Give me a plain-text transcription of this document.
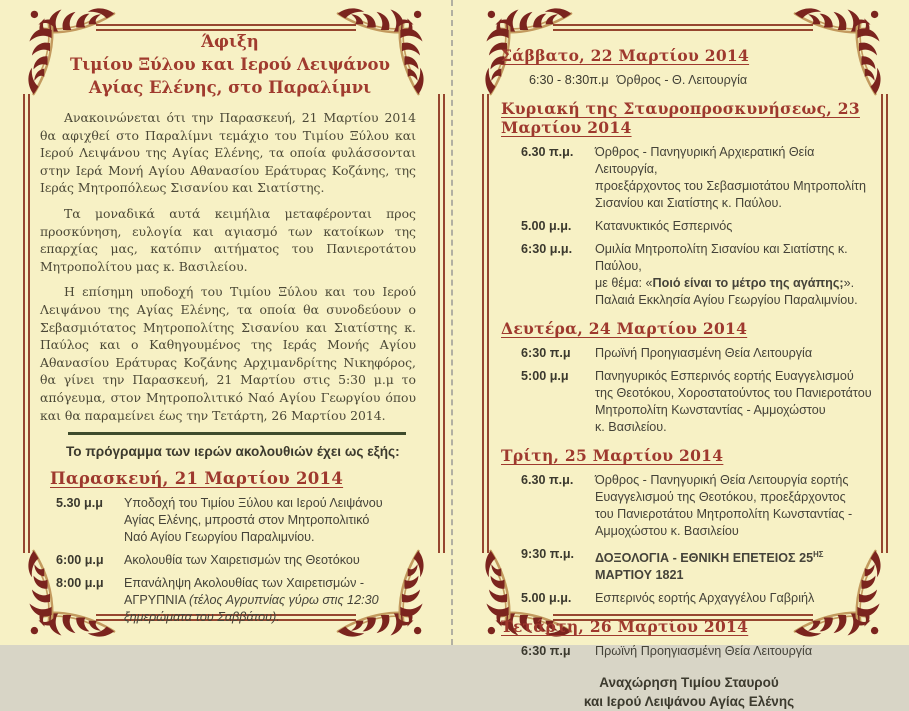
Άφιξη
Τιμίου Ξύλου και Ιερού Λειψάνου
Αγίας Ελένης, στο Παραλίμνι

Ανακοινώνεται ότι την Παρασκευή, 21 Μαρτίου 2014 θα αφιχθεί στο Παραλίμνι τεμάχιο του Τιμίου Ξύλου και Ιερού Λειψάνου της Αγίας Ελένης, τα οποία φυλάσσονται στην Ιερά Μονή Αγίου Αθανασίου Εράτυρας Κοζάνης, της Ιεράς Μητροπόλεως Σισανίου και Σιατίστης.

Τα μοναδικά αυτά κειμήλια μεταφέρονται προς προσκύνηση, ευλογία και αγιασμό των κατοίκων της επαρχίας μας, κατόπιν αιτήματος του Πανιεροτάτου Μητροπολίτου μας κ. Βασιλείου.

Η επίσημη υποδοχή του Τιμίου Ξύλου και του Ιερού Λειψάνου της Αγίας Ελένης, τα οποία θα συνοδεύουν ο Σεβασμιότατος Μητροπολίτης Σισανίου και Σιατίστης κ. Παύλος και ο Καθηγουμένος της Ιεράς Μονής Αγίου Αθανασίου Εράτυρας Κοζάνης Αρχιμανδρίτης Νικηφόρος, θα γίνει την Παρασκευή, 21 Μαρτίου στις 5:30 μ.μ το απόγευμα, στον Μητροπολιτικό Ναό Αγίου Γεωργίου όπου και θα παραμείνει έως την Τετάρτη, 26 Μαρτίου 2014.

Το πρόγραμμα των ιερών ακολουθιών έχει ως εξής:

Παρασκευή, 21 Μαρτίου 2014
5.30 μ.μ	Υποδοχή του Τιμίου Ξύλου και Ιερού Λειψάνου
Αγίας Ελένης, μπροστά στον Μητροπολιτικό
Ναό Αγίου Γεωργίου Παραλιμνίου.
6:00 μ.μ	Ακολουθία των Χαιρετισμών της Θεοτόκου
8:00 μ.μ	Επανάληψη Ακολουθίας των Χαιρετισμών -
ΑΓΡΥΠΝΙΑ (τέλος Αγρυπνίας γύρω στις 12:30
ξημερώματα του Σαββάτου).
Σάββατο, 22 Μαρτίου 2014
6:30 - 8:30π.μ Όρθρος - Θ. Λειτουργία
Κυριακή της Σταυροπροσκυνήσεως, 23 Μαρτίου 2014
6.30 π.μ.	Όρθρος - Πανηγυρική Αρχιερατική Θεία Λειτουργία,
προεξάρχοντος του Σεβασμιοτάτου Μητροπολίτη
Σισανίου και Σιατίστης κ. Παύλου.
5.00 μ.μ.	Κατανυκτικός Εσπερινός
6:30 μ.μ.	Ομιλία Μητροπολίτη Σισανίου και Σιατίστης κ. Παύλου,
με θέμα: «Ποιό είναι το μέτρο της αγάπης;».
Παλαιά Εκκλησία Αγίου Γεωργίου Παραλιμνίου.
Δευτέρα, 24 Μαρτίου 2014
6:30 π.μ	Πρωϊνή Προηγιασμένη Θεία Λειτουργία
5:00 μ.μ	Πανηγυρικός Εσπερινός εορτής Ευαγγελισμού
της Θεοτόκου, Χοροστατούντος του Πανιεροτάτου
Μητροπολίτη Κωνσταντίας - Αμμοχώστου
κ. Βασιλείου.
Τρίτη, 25 Μαρτίου 2014
6.30 π.μ.	Όρθρος - Πανηγυρική Θεία Λειτουργία εορτής
Ευαγγελισμού της Θεοτόκου, προεξάρχοντος
του Πανιεροτάτου Μητροπολίτη Κωνσταντίας -
Αμμοχώστου κ. Βασιλείου
9:30 π.μ.	ΔΟΞΟΛΟΓΙΑ - ΕΘΝΙΚΗ ΕΠΕΤΕΙΟΣ $25^{H\Sigma}$ ΜΑΡΤΙΟΥ 1821
5.00 μ.μ.	Εσπερινός εορτής Αρχαγγέλου Γαβριήλ
Τετάρτη, 26 Μαρτίου 2014
6:30 π.μ	Πρωϊνή Προηγιασμένη Θεία Λειτουργία
Αναχώρηση Τιμίου Σταυρού
και Ιερού Λειψάνου Αγίας Ελένης
